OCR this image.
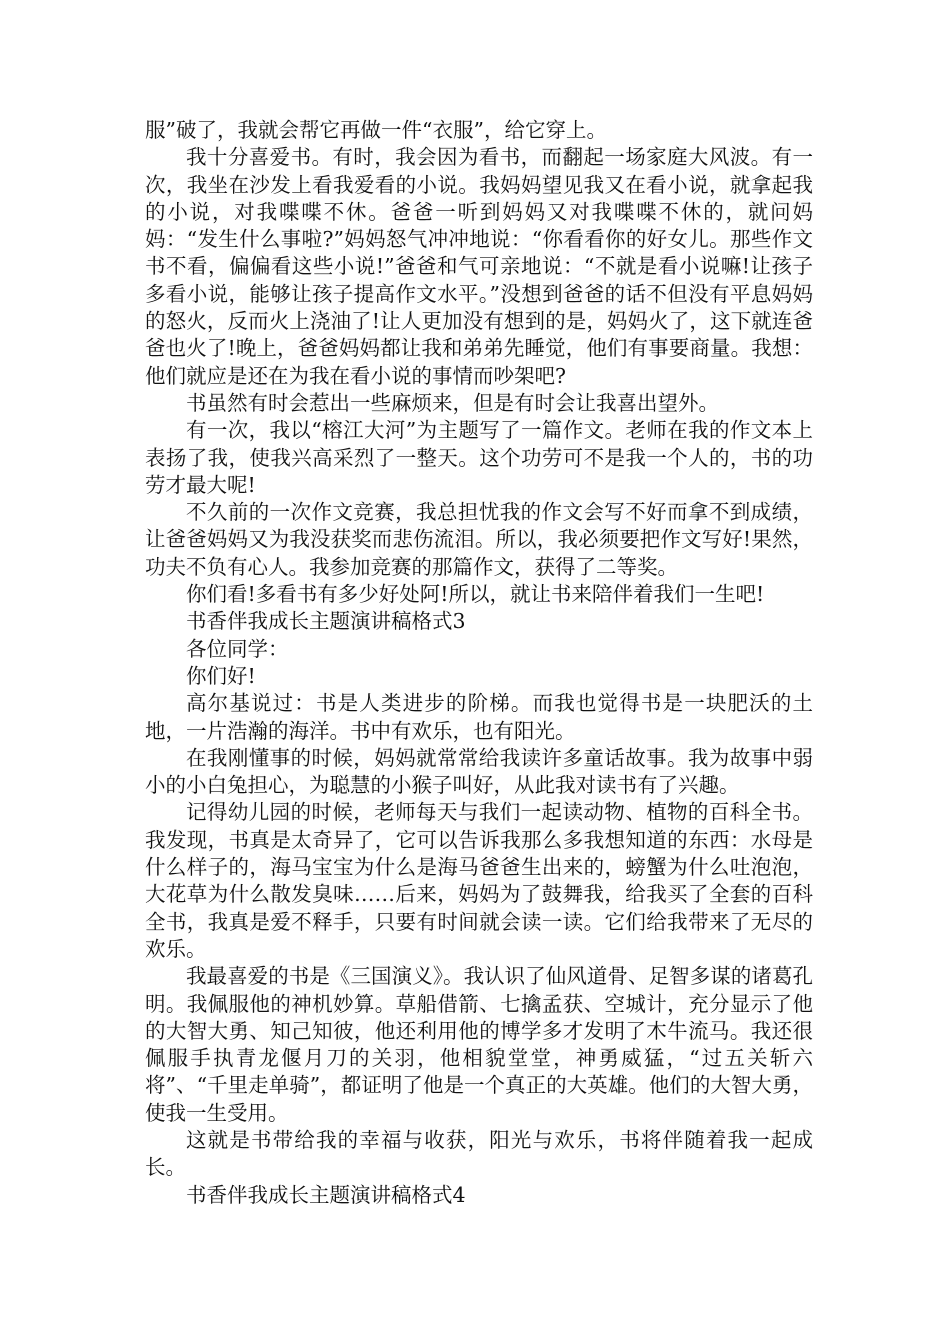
服”破了，我就会帮它再做一件“衣服”，给它穿上。

我十分喜爱书。有时，我会因为看书，而翻起一场家庭大风波。有一次，我坐在沙发上看我爱看的小说。我妈妈望见我又在看小说，就拿起我的小说，对我喋喋不休。爸爸一听到妈妈又对我喋喋不休的，就问妈妈：“发生什么事啦?”妈妈怒气冲冲地说：“你看看你的好女儿。那些作文书不看，偏偏看这些小说!”爸爸和气可亲地说：“不就是看小说嘛!让孩子多看小说，能够让孩子提高作文水平。”没想到爸爸的话不但没有平息妈妈的怒火，反而火上浇油了!让人更加没有想到的是，妈妈火了，这下就连爸爸也火了!晚上，爸爸妈妈都让我和弟弟先睡觉，他们有事要商量。我想：他们就应是还在为我在看小说的事情而吵架吧?

书虽然有时会惹出一些麻烦来，但是有时会让我喜出望外。

有一次，我以“榕江大河”为主题写了一篇作文。老师在我的作文本上表扬了我，使我兴高采烈了一整天。这个功劳可不是我一个人的，书的功劳才最大呢!

不久前的一次作文竞赛，我总担忧我的作文会写不好而拿不到成绩，让爸爸妈妈又为我没获奖而悲伤流泪。所以，我必须要把作文写好!果然，功夫不负有心人。我参加竞赛的那篇作文，获得了二等奖。

你们看!多看书有多少好处阿!所以，就让书来陪伴着我们一生吧!

书香伴我成长主题演讲稿格式3

各位同学：

你们好!

高尔基说过：书是人类进步的阶梯。而我也觉得书是一块肥沃的土地，一片浩瀚的海洋。书中有欢乐，也有阳光。

在我刚懂事的时候，妈妈就常常给我读许多童话故事。我为故事中弱小的小白兔担心，为聪慧的小猴子叫好，从此我对读书有了兴趣。

记得幼儿园的时候，老师每天与我们一起读动物、植物的百科全书。我发现，书真是太奇异了，它可以告诉我那么多我想知道的东西：水母是什么样子的，海马宝宝为什么是海马爸爸生出来的，螃蟹为什么吐泡泡，大花草为什么散发臭味……后来，妈妈为了鼓舞我，给我买了全套的百科全书，我真是爱不释手，只要有时间就会读一读。它们给我带来了无尽的欢乐。

我最喜爱的书是《三国演义》。我认识了仙风道骨、足智多谋的诸葛孔明。我佩服他的神机妙算。草船借箭、七擒孟获、空城计，充分显示了他的大智大勇、知己知彼，他还利用他的博学多才发明了木牛流马。我还很佩服手执青龙偃月刀的关羽，他相貌堂堂，神勇威猛，“过五关斩六将”、“千里走单骑”，都证明了他是一个真正的大英雄。他们的大智大勇，使我一生受用。

这就是书带给我的幸福与收获，阳光与欢乐，书将伴随着我一起成长。

书香伴我成长主题演讲稿格式4
